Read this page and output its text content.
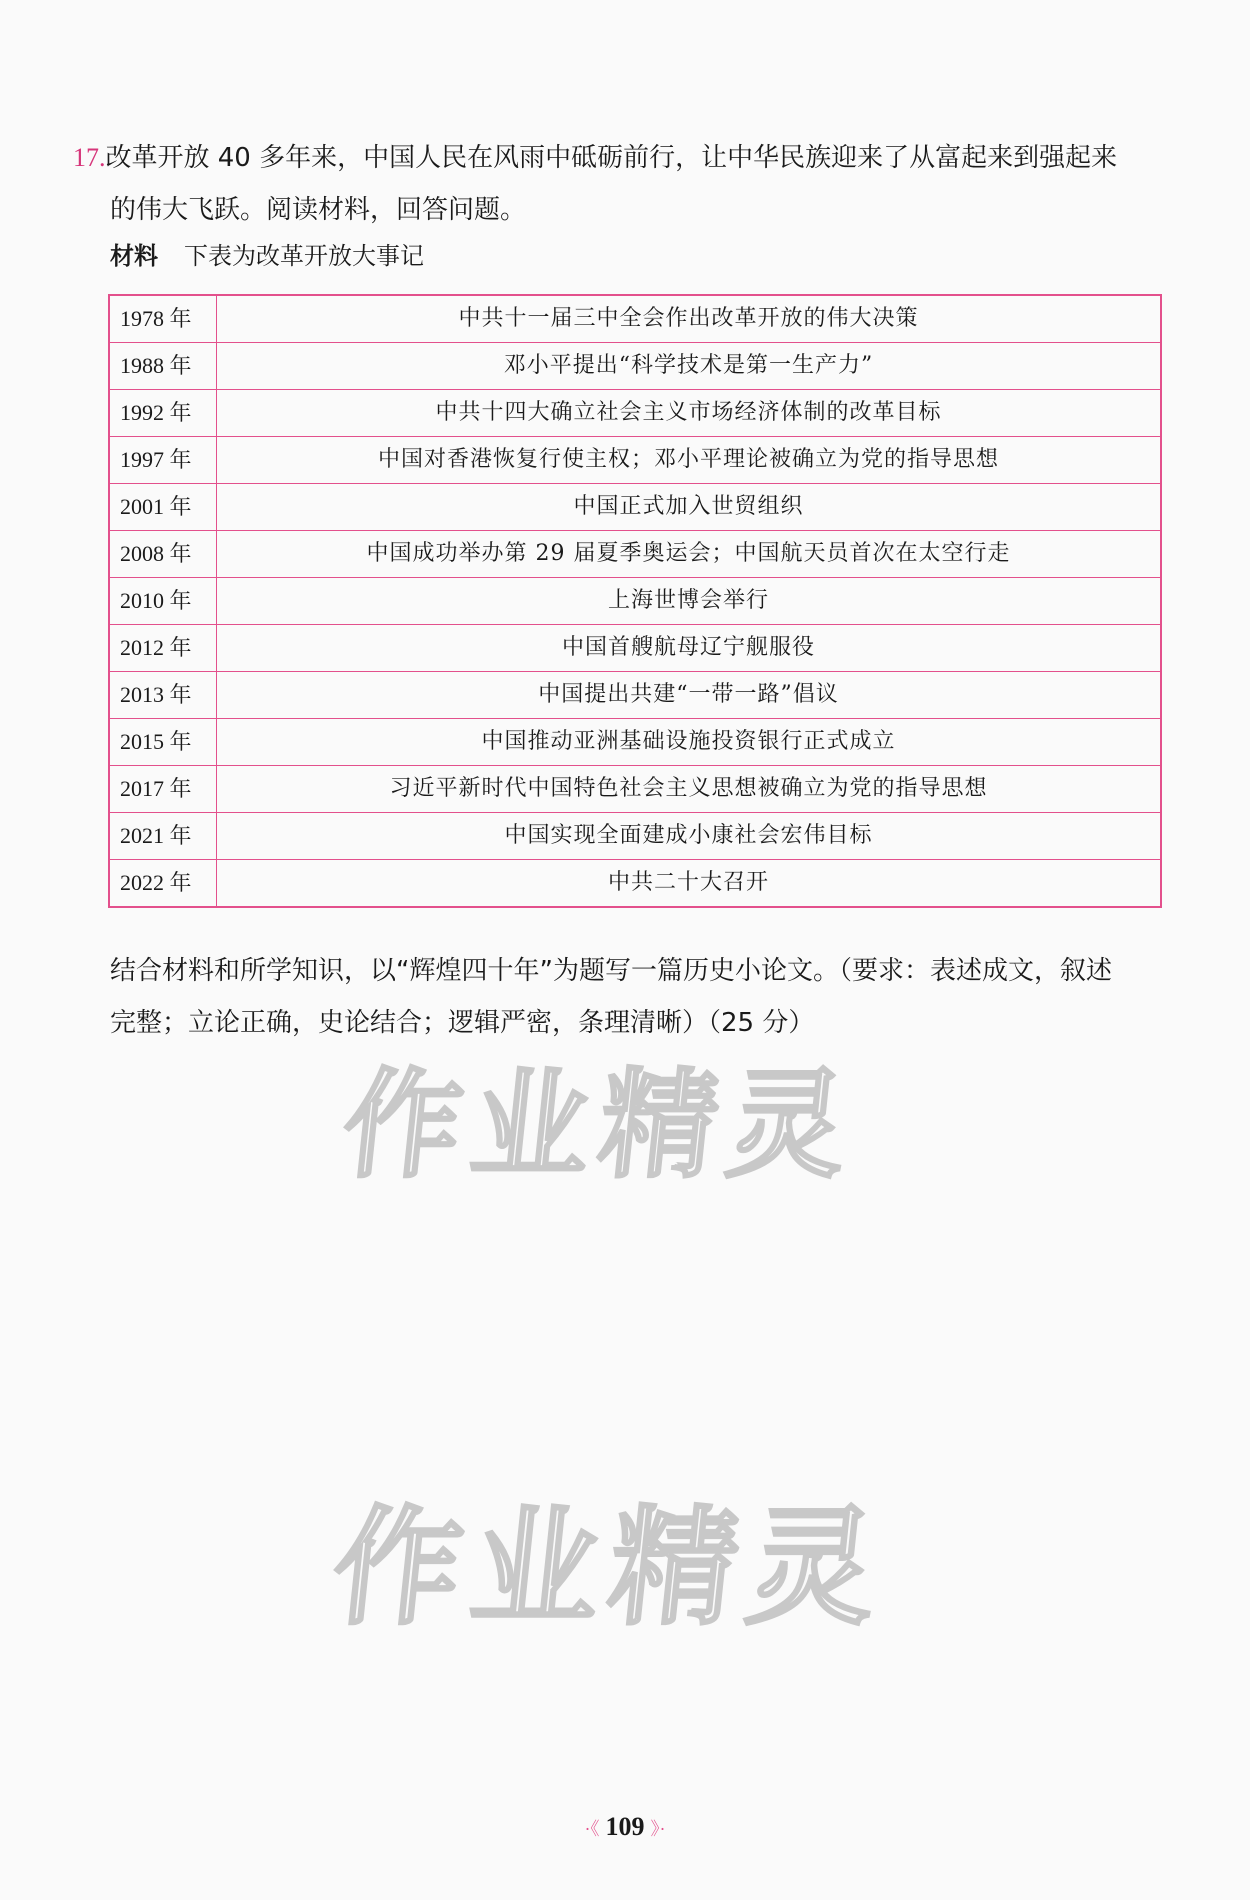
17.改革开放 40 多年来，中国人民在风雨中砥砺前行，让中华民族迎来了从富起来到强起来
的伟大飞跃。阅读材料，回答问题。
材料 下表为改革开放大事记
1978 年	中共十一届三中全会作出改革开放的伟大决策
1988 年	邓小平提出“科学技术是第一生产力”
1992 年	中共十四大确立社会主义市场经济体制的改革目标
1997 年	中国对香港恢复行使主权；邓小平理论被确立为党的指导思想
2001 年	中国正式加入世贸组织
2008 年	中国成功举办第 29 届夏季奥运会；中国航天员首次在太空行走
2010 年	上海世博会举行
2012 年	中国首艘航母辽宁舰服役
2013 年	中国提出共建“一带一路”倡议
2015 年	中国推动亚洲基础设施投资银行正式成立
2017 年	习近平新时代中国特色社会主义思想被确立为党的指导思想
2021 年	中国实现全面建成小康社会宏伟目标
2022 年	中共二十大召开
结合材料和所学知识，以“辉煌四十年”为题写一篇历史小论文。（要求：表述成文，叙述
完整；立论正确，史论结合；逻辑严密，条理清晰）（25 分）
作业精灵
作业精灵
·《 109 》·
